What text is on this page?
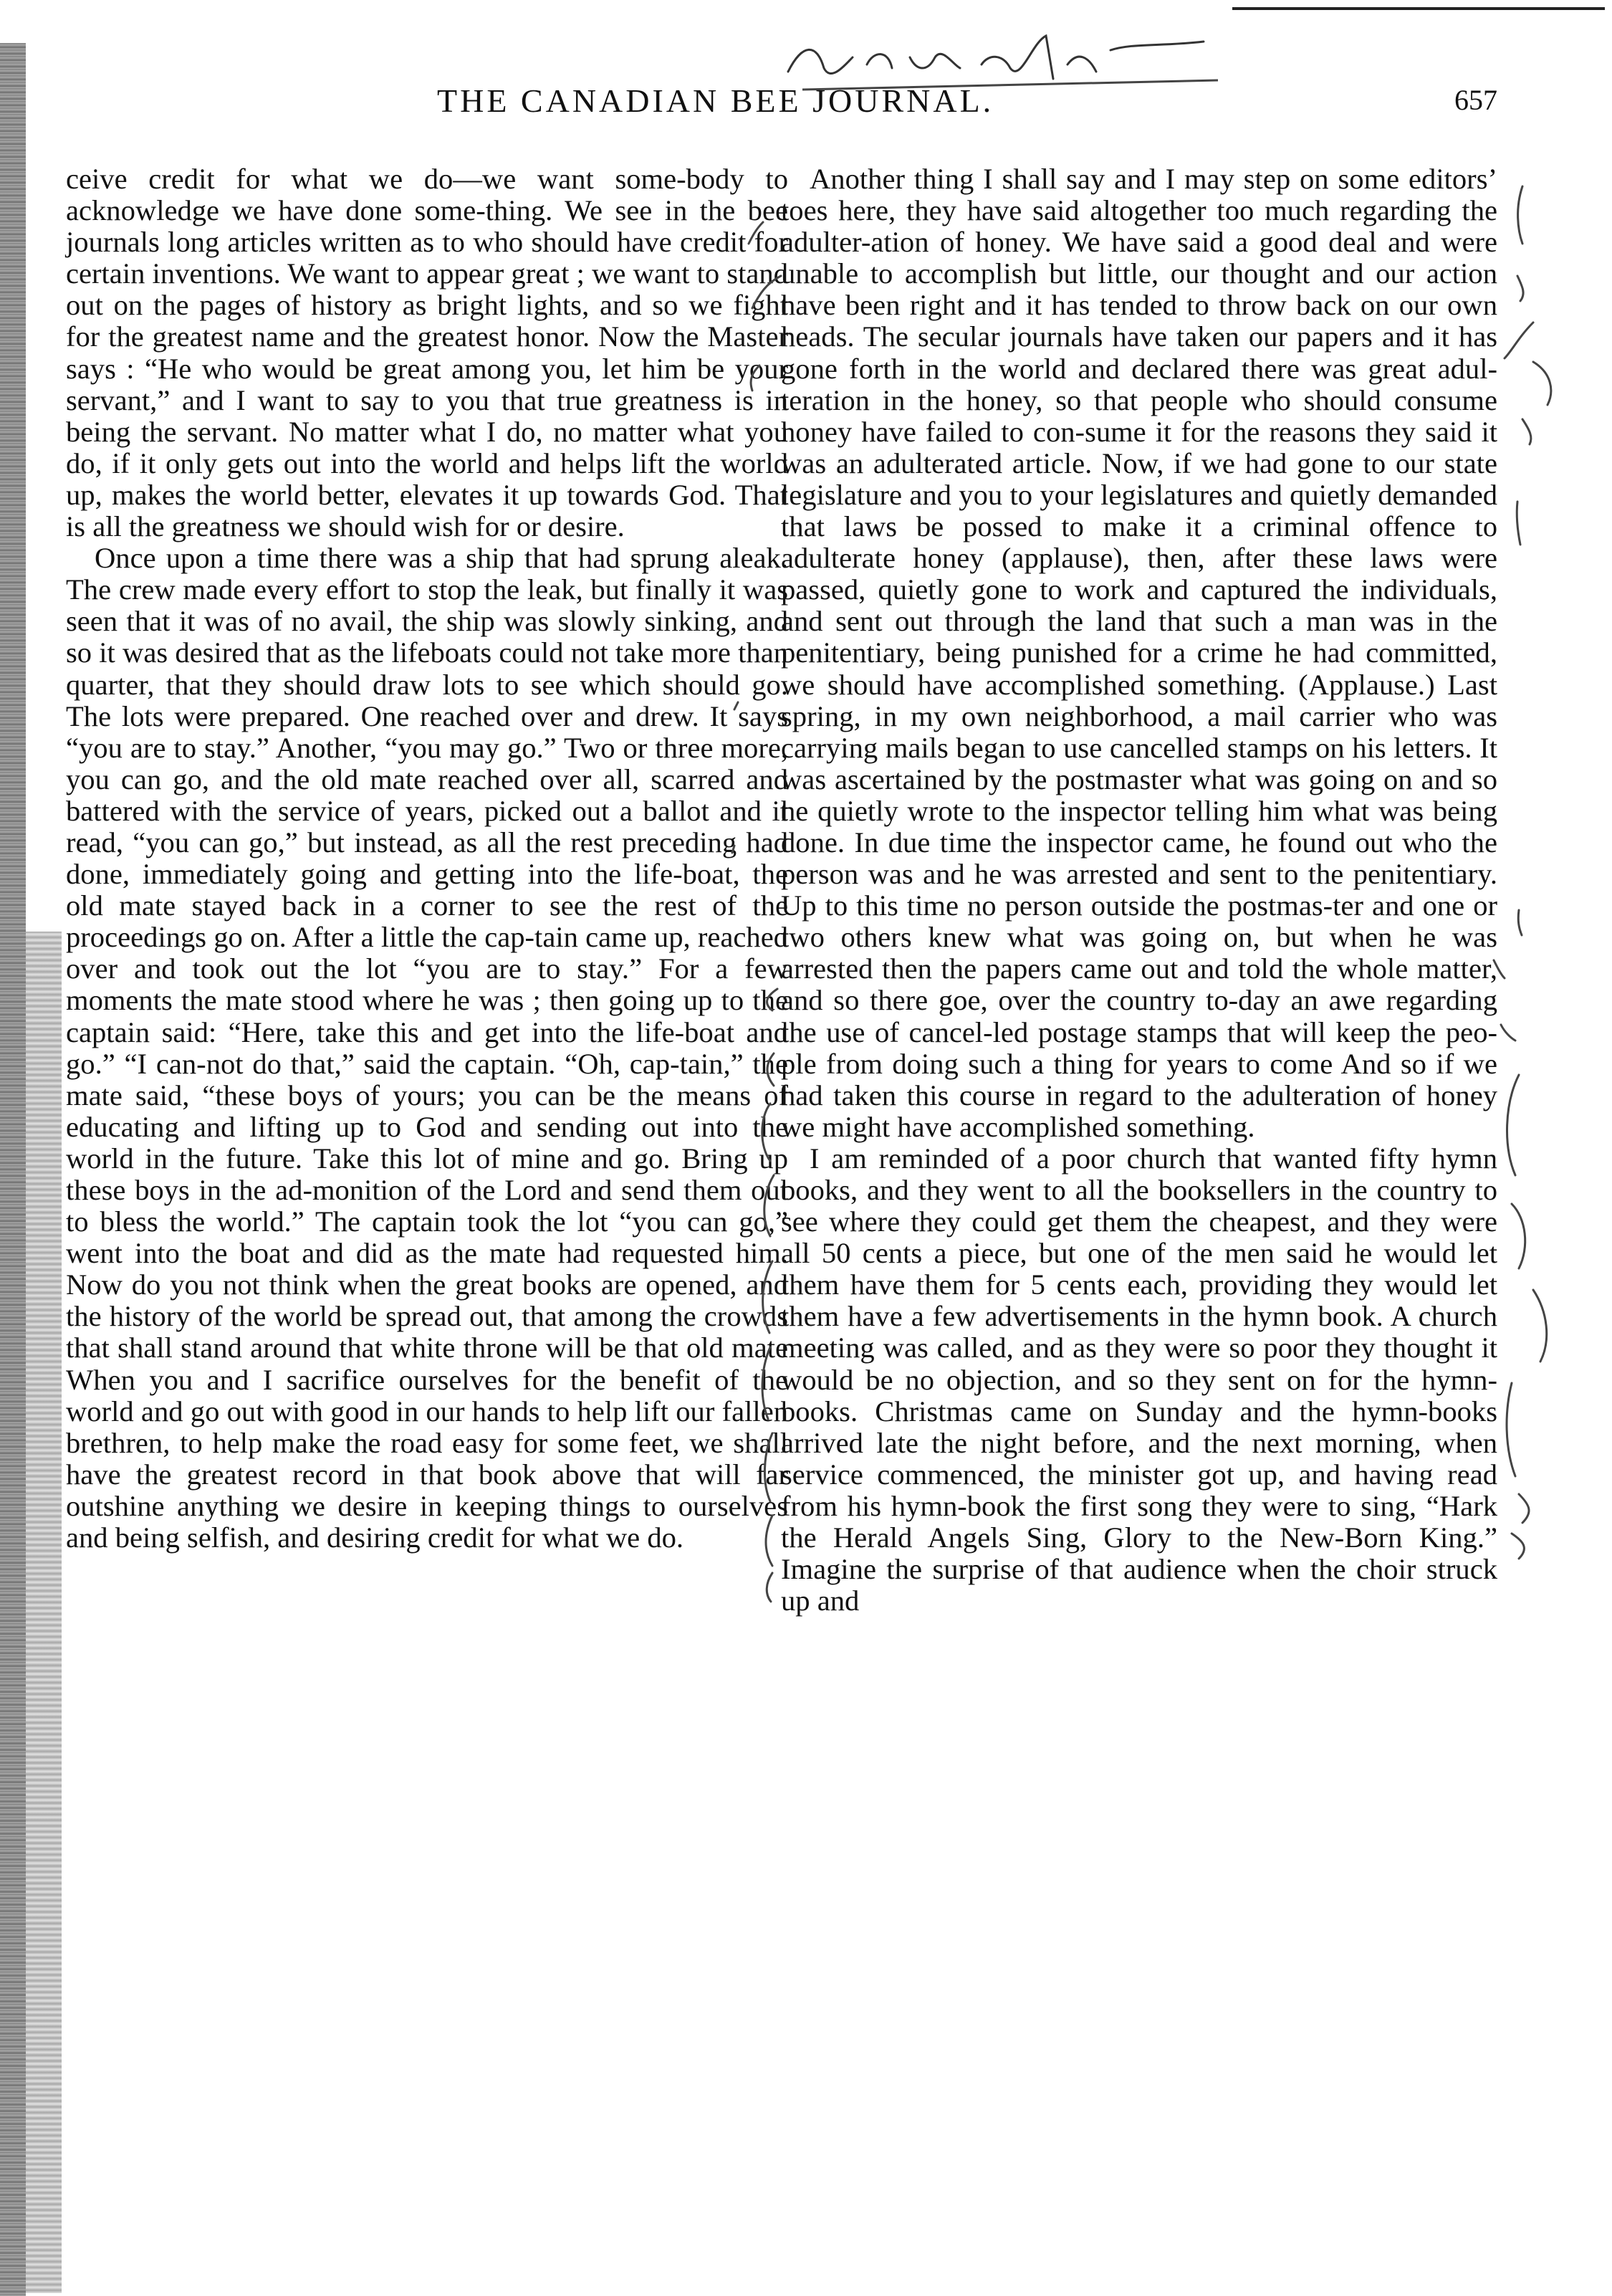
THE CANADIAN BEE JOURNAL.	657

ceive credit for what we do—we want some-body to acknowledge we have done some-thing. We see in the bee journals long articles written as to who should have credit for certain inventions. We want to appear great ; we want to stand out on the pages of history as bright lights, and so we fight for the greatest name and the greatest honor. Now the Master says : “He who would be great among you, let him be your servant,” and I want to say to you that true greatness is in being the servant. No matter what I do, no matter what you do, if it only gets out into the world and helps lift the world up, makes the world better, elevates it up towards God. That is all the greatness we should wish for or desire.

Once upon a time there was a ship that had sprung aleak. The crew made every effort to stop the leak, but finally it was seen that it was of no avail, the ship was slowly sinking, and so it was desired that as the lifeboats could not take more than quarter, that they should draw lots to see which should go. The lots were prepared. One reached over and drew. It says “you are to stay.” Another, “you may go.” Two or three more, you can go, and the old mate reached over all, scarred and battered with the service of years, picked out a ballot and it read, “you can go,” but instead, as all the rest preceding had done, immediately going and getting into the life-boat, the old mate stayed back in a corner to see the rest of the proceedings go on. After a little the cap-tain came up, reached over and took out the lot “you are to stay.” For a few moments the mate stood where he was ; then going up to the captain said: “Here, take this and get into the life-boat and go.” “I can-not do that,” said the captain. “Oh, cap-tain,” the mate said, “these boys of yours; you can be the means of educating and lifting up to God and sending out into the world in the future. Take this lot of mine and go. Bring up these boys in the ad-monition of the Lord and send them out to bless the world.” The captain took the lot “you can go,” went into the boat and did as the mate had requested him. Now do you not think when the great books are opened, and the history of the world be spread out, that among the crowds that shall stand around that white throne will be that old mate When you and I sacrifice ourselves for the benefit of the world and go out with good in our hands to help lift our fallen brethren, to help make the road easy for some feet, we shall have the greatest record in that book above that will far outshine anything we desire in keeping things to ourselves and being selfish, and desiring credit for what we do.

Another thing I shall say and I may step on some editors’ toes here, they have said altogether too much regarding the adulter-ation of honey. We have said a good deal and were unable to accomplish but little, our thought and our action have been right and it has tended to throw back on our own heads. The secular journals have taken our papers and it has gone forth in the world and declared there was great adul-teration in the honey, so that people who should consume honey have failed to con-sume it for the reasons they said it was an adulterated article. Now, if we had gone to our state legislature and you to your legislatures and quietly demanded that laws be possed to make it a criminal offence to adulterate honey (applause), then, after these laws were passed, quietly gone to work and captured the individuals, and sent out through the land that such a man was in the penitentiary, being punished for a crime he had committed, we should have accomplished something. (Applause.) Last spring, in my own neighborhood, a mail carrier who was carrying mails began to use cancelled stamps on his letters. It was ascertained by the postmaster what was going on and so he quietly wrote to the inspector telling him what was being done. In due time the inspector came, he found out who the person was and he was arrested and sent to the penitentiary. Up to this time no person outside the postmas-ter and one or two others knew what was going on, but when he was arrested then the papers came out and told the whole matter, and so there goe, over the country to-day an awe regarding the use of cancel-led postage stamps that will keep the peo-ple from doing such a thing for years to come And so if we had taken this course in regard to the adulteration of honey we might have accomplished something.

I am reminded of a poor church that wanted fifty hymn books, and they went to all the booksellers in the country to see where they could get them the cheapest, and they were all 50 cents a piece, but one of the men said he would let them have them for 5 cents each, providing they would let them have a few advertisements in the hymn book. A church meeting was called, and as they were so poor they thought it would be no objection, and so they sent on for the hymn-books. Christmas came on Sunday and the hymn-books arrived late the night before, and the next morning, when service commenced, the minister got up, and having read from his hymn-book the first song they were to sing, “Hark the Herald Angels Sing, Glory to the New-Born King.” Imagine the surprise of that audience when the choir struck up and
